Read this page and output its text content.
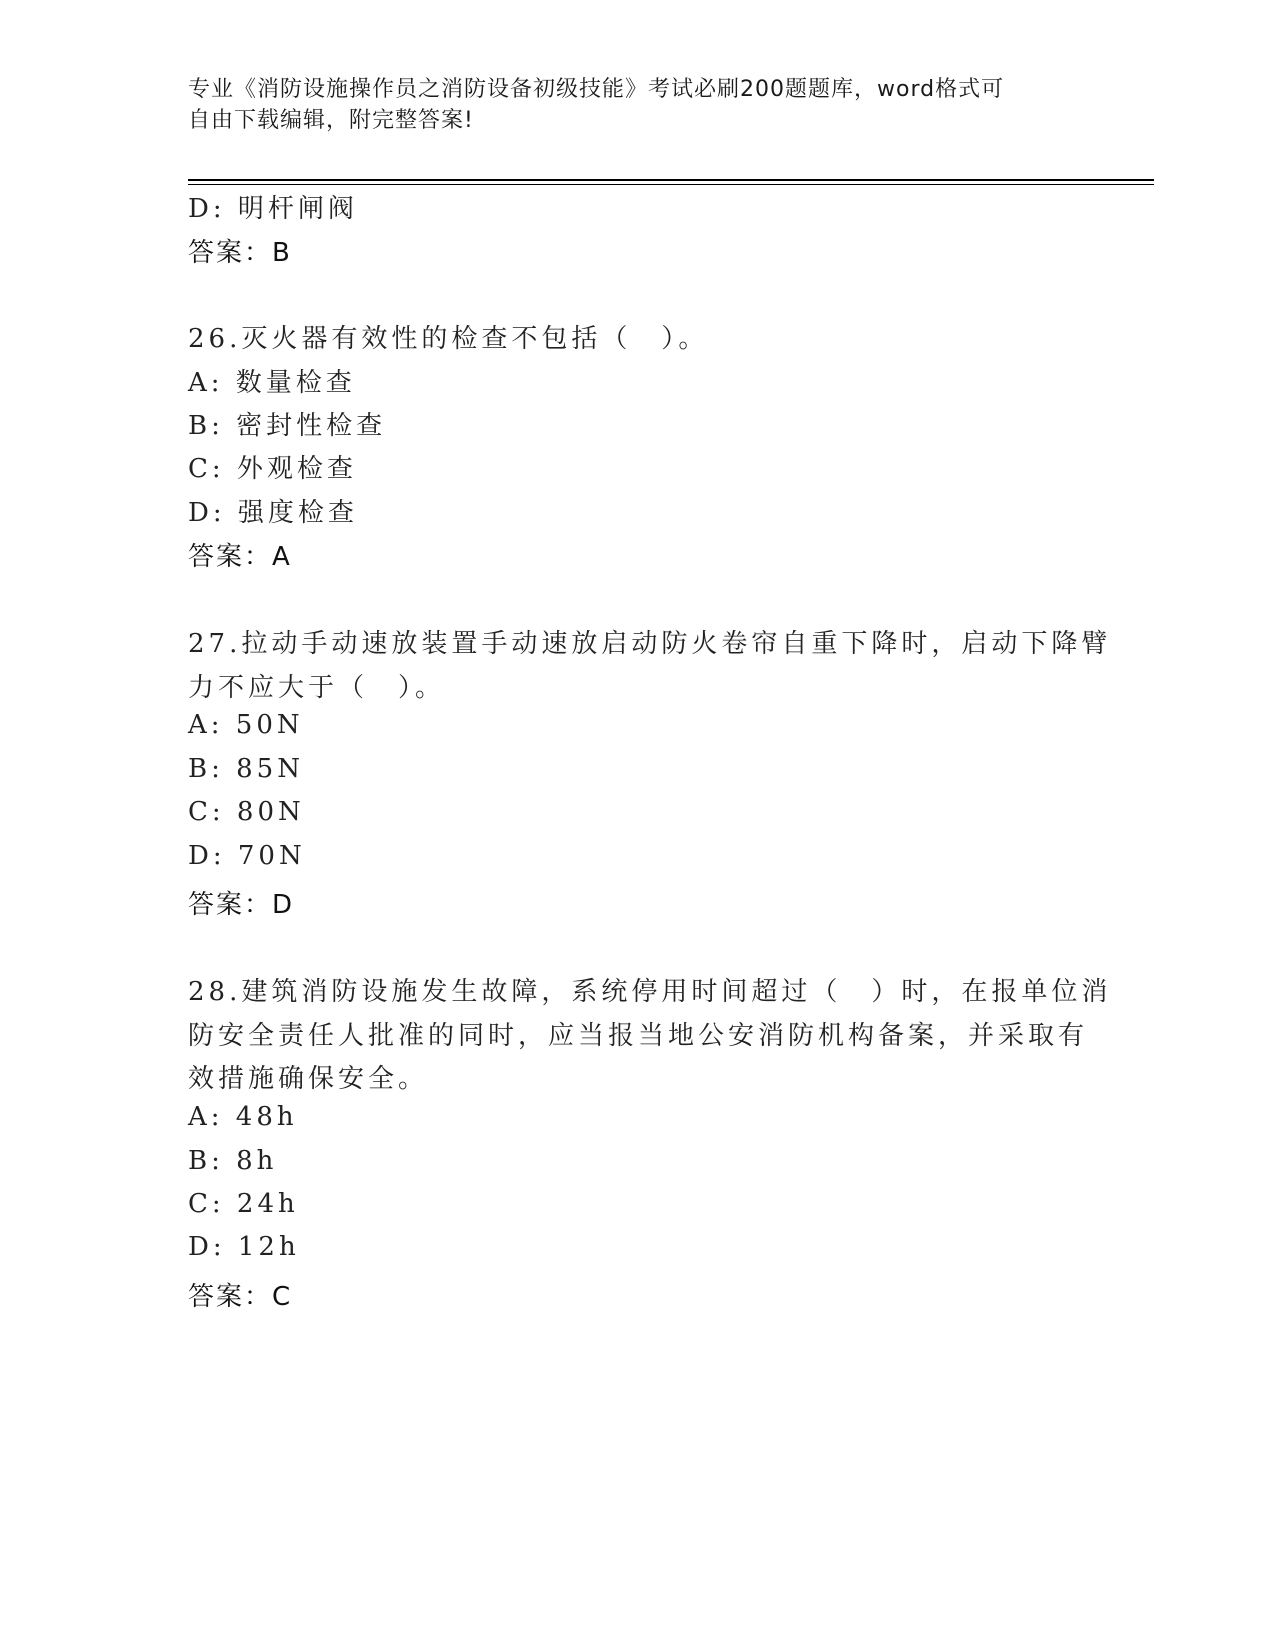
专业《消防设施操作员之消防设备初级技能》考试必刷200题题库，word格式可
自由下载编辑，附完整答案!
D: 明杆闸阀
答案：B
26.灭火器有效性的检查不包括（　）。
A: 数量检查
B: 密封性检查
C: 外观检查
D: 强度检查
答案：A
27.拉动手动速放装置手动速放启动防火卷帘自重下降时，启动下降臂
力不应大于（　）。
A: 50N
B: 85N
C: 80N
D: 70N
答案：D
28.建筑消防设施发生故障，系统停用时间超过（　）时，在报单位消
防安全责任人批准的同时，应当报当地公安消防机构备案，并采取有
效措施确保安全。
A: 48h
B: 8h
C: 24h
D: 12h
答案：C
